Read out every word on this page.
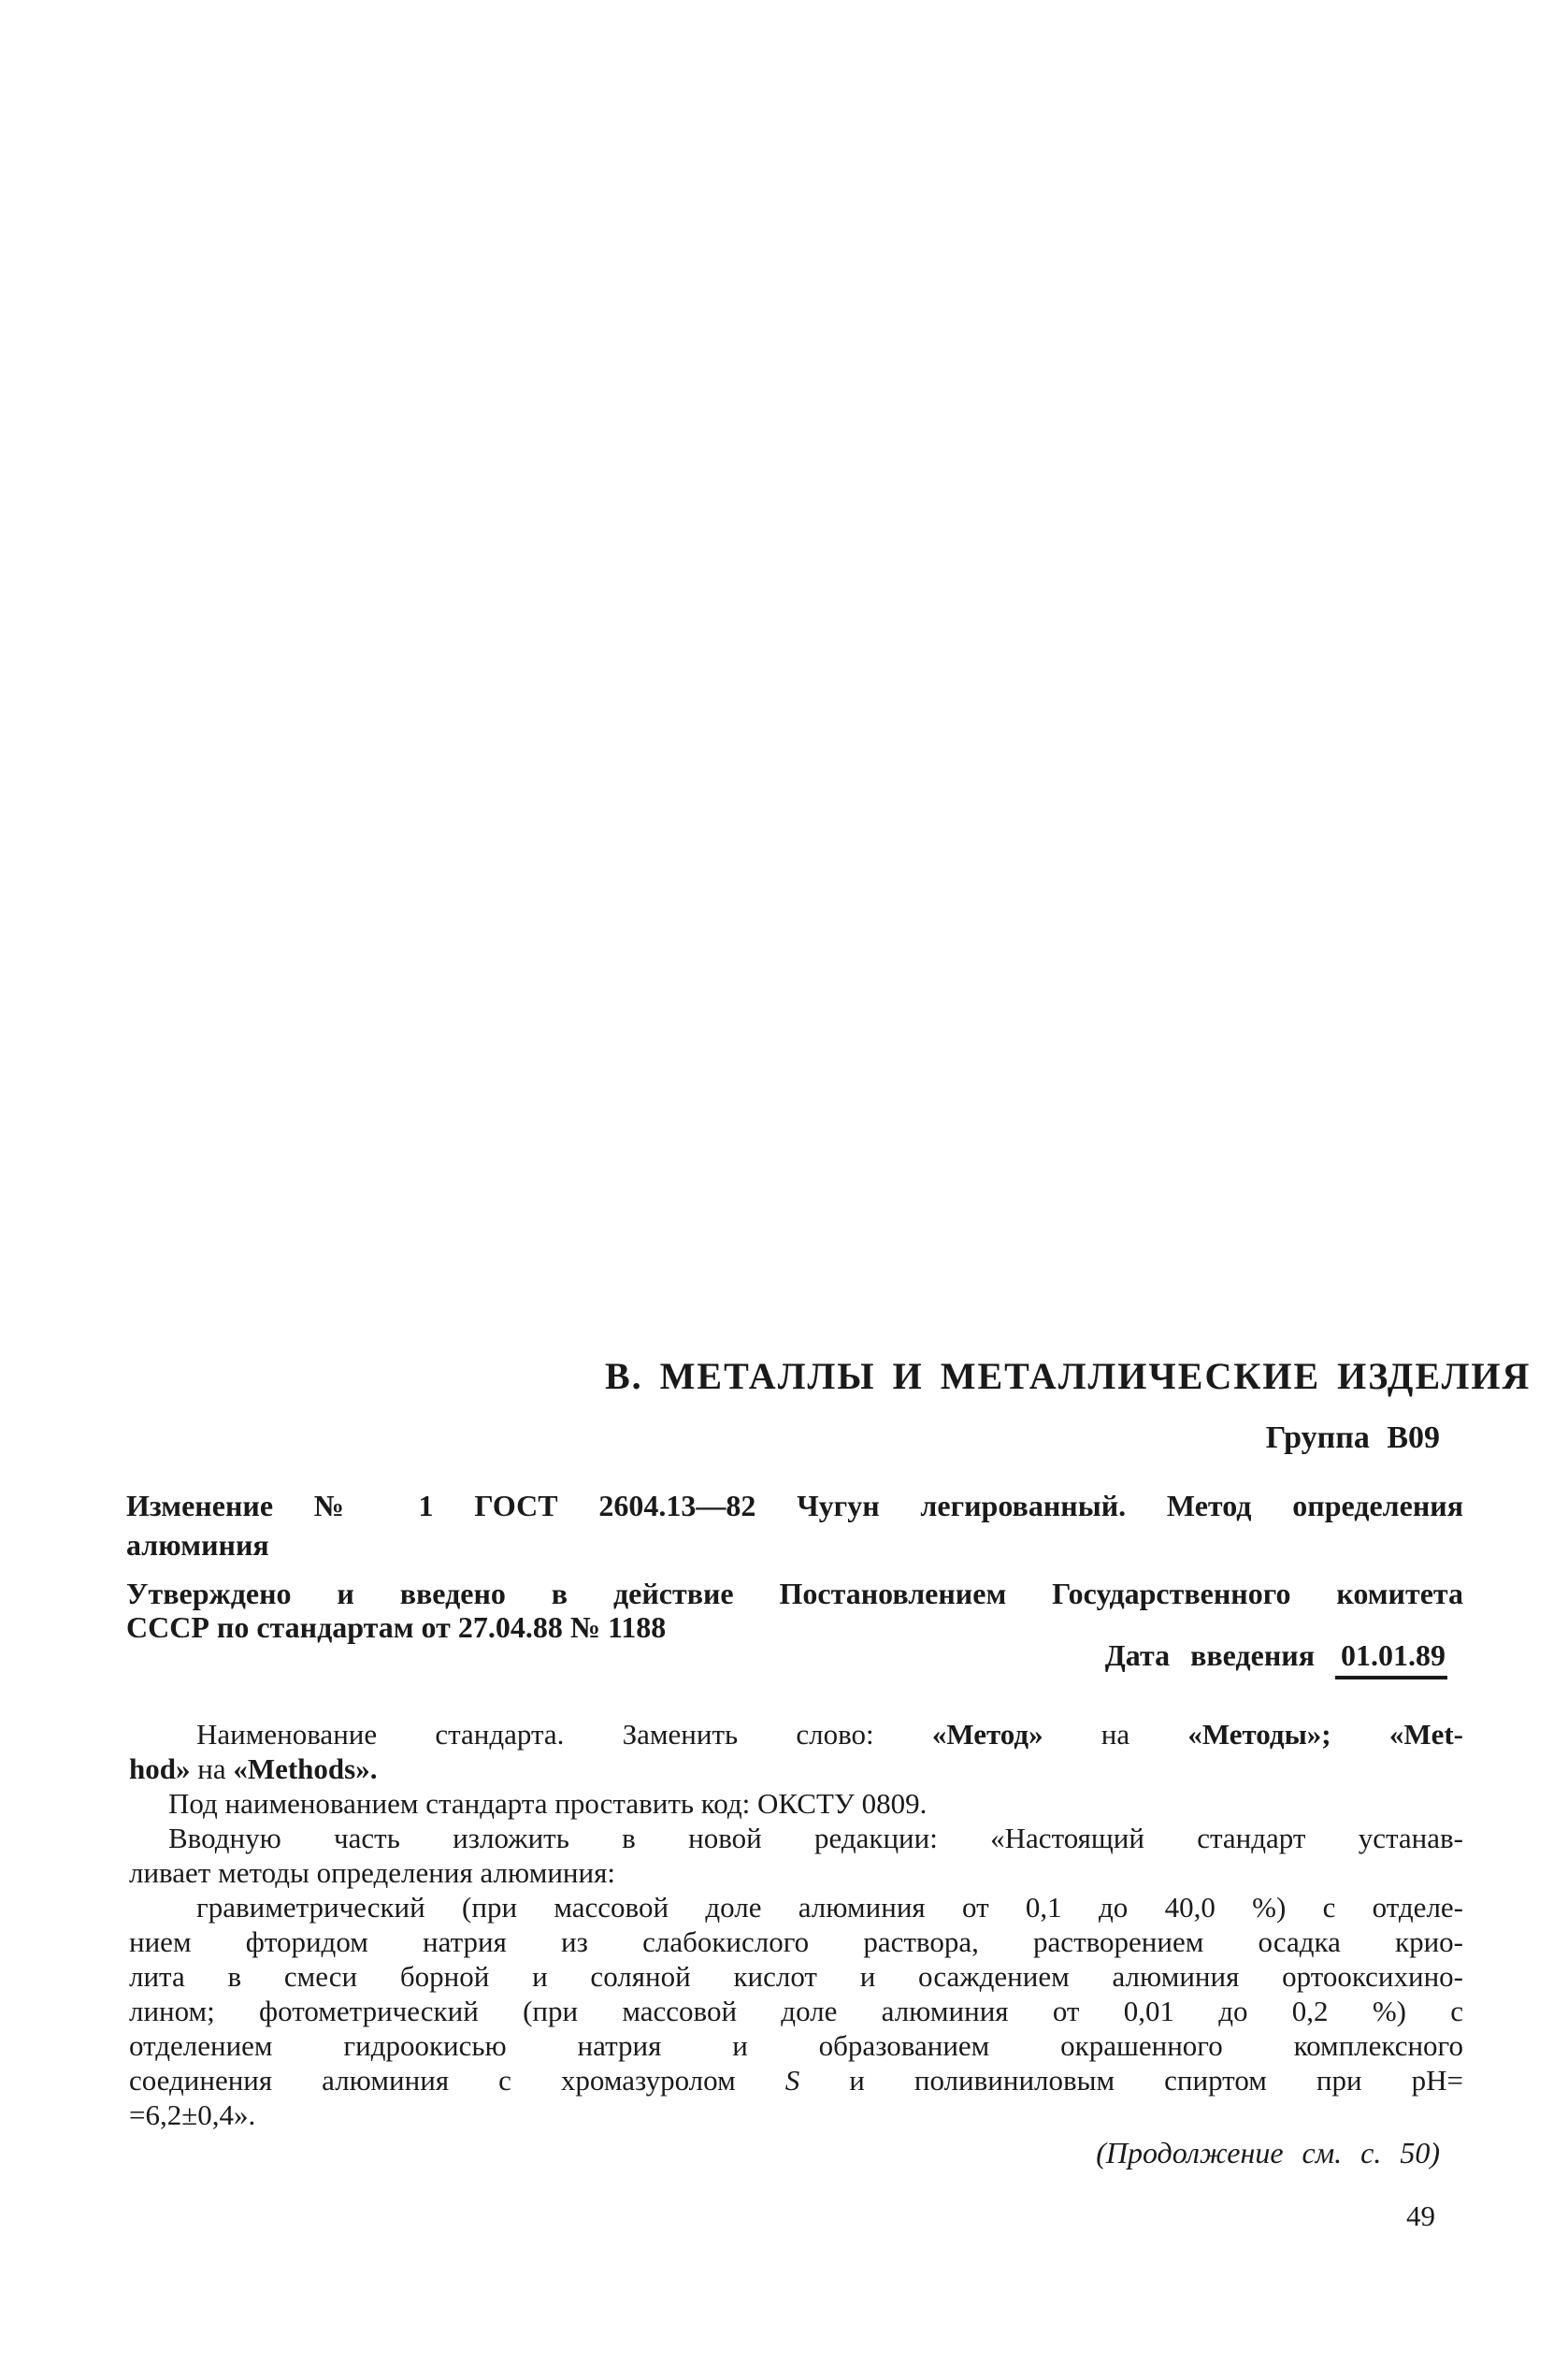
В. МЕТАЛЛЫ И МЕТАЛЛИЧЕСКИЕ ИЗДЕЛИЯ
Группа В09
Изменение № 1 ГОСТ 2604.13—82 Чугун легированный. Метод определения
алюминия
Утверждено и введено в действие Постановлением Государственного комитета
СССР по стандартам от 27.04.88 № 1188
Дата введения 01.01.89
Наименование стандарта. Заменить слово: «Метод» на «Методы»; «Met-
hod» на «Methods».
Под наименованием стандарта проставить код: ОКСТУ 0809.
Вводную часть изложить в новой редакции: «Настоящий стандарт устанав-
ливает методы определения алюминия:
гравиметрический (при массовой доле алюминия от 0,1 до 40,0 %) с отделе-
нием фторидом натрия из слабокислого раствора, растворением осадка крио-
лита в смеси борной и соляной кислот и осаждением алюминия ортооксихино-
лином; фотометрический (при массовой доле алюминия от 0,01 до 0,2 %) с
отделением гидроокисью натрия и образованием окрашенного комплексного
соединения алюминия с хромазуролом S и поливиниловым спиртом при рН=
=6,2±0,4».
(Продолжение см. с. 50)
49
